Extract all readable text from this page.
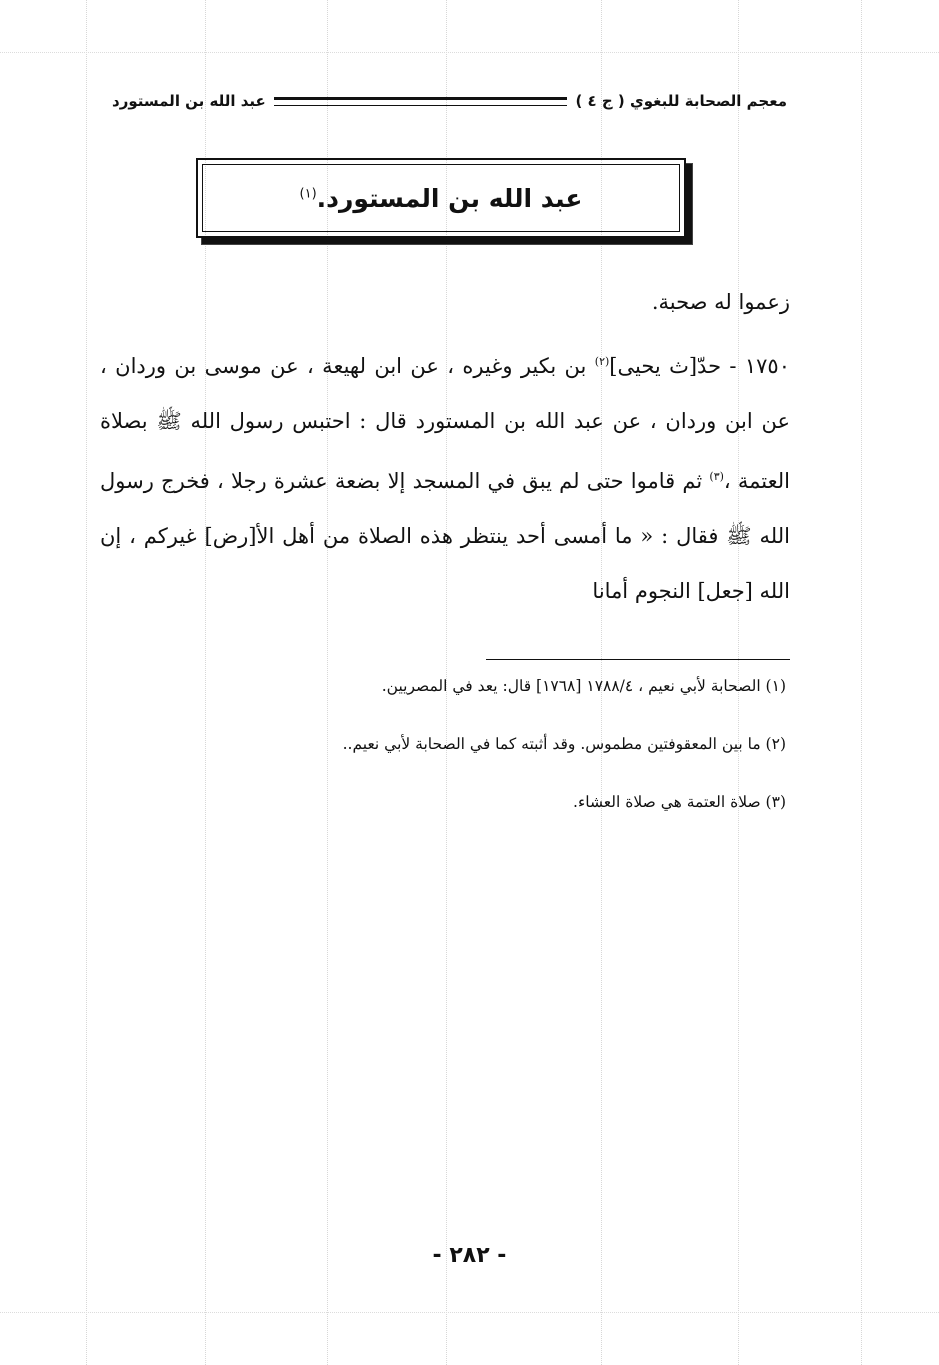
معجم الصحابة للبغوي ( ج ٤ )
عبد الله بن المستورد
عبد الله بن المستورد.$^{(١)}$

زعموا له صحبة.

١٧٥٠ - حدّ[ث يحيى]$^{(٢)}$ بن بكير وغيره ، عن ابن لهيعة ، عن موسى بن وردان ، عن ابن وردان ، عن عبد الله بن المستورد قال : احتبس رسول الله ﷺ بصلاة العتمة ،$^{(٣)}$ ثم قاموا حتى لم يبق في المسجد إلا بضعة عشرة رجلا ، فخرج رسول الله ﷺ فقال : « ما أمسى أحد ينتظر هذه الصلاة من أهل الأ[رض] غيركم ، إن الله [جعل] النجوم أمانا

(١) الصحابة لأبي نعيم ، ١٧٨٨/٤ [١٧٦٨] قال: يعد في المصريين.
(٢) ما بين المعقوفتين مطموس. وقد أثبته كما في الصحابة لأبي نعيم..
(٣) صلاة العتمة هي صلاة العشاء.
- ٢٨٢ -
